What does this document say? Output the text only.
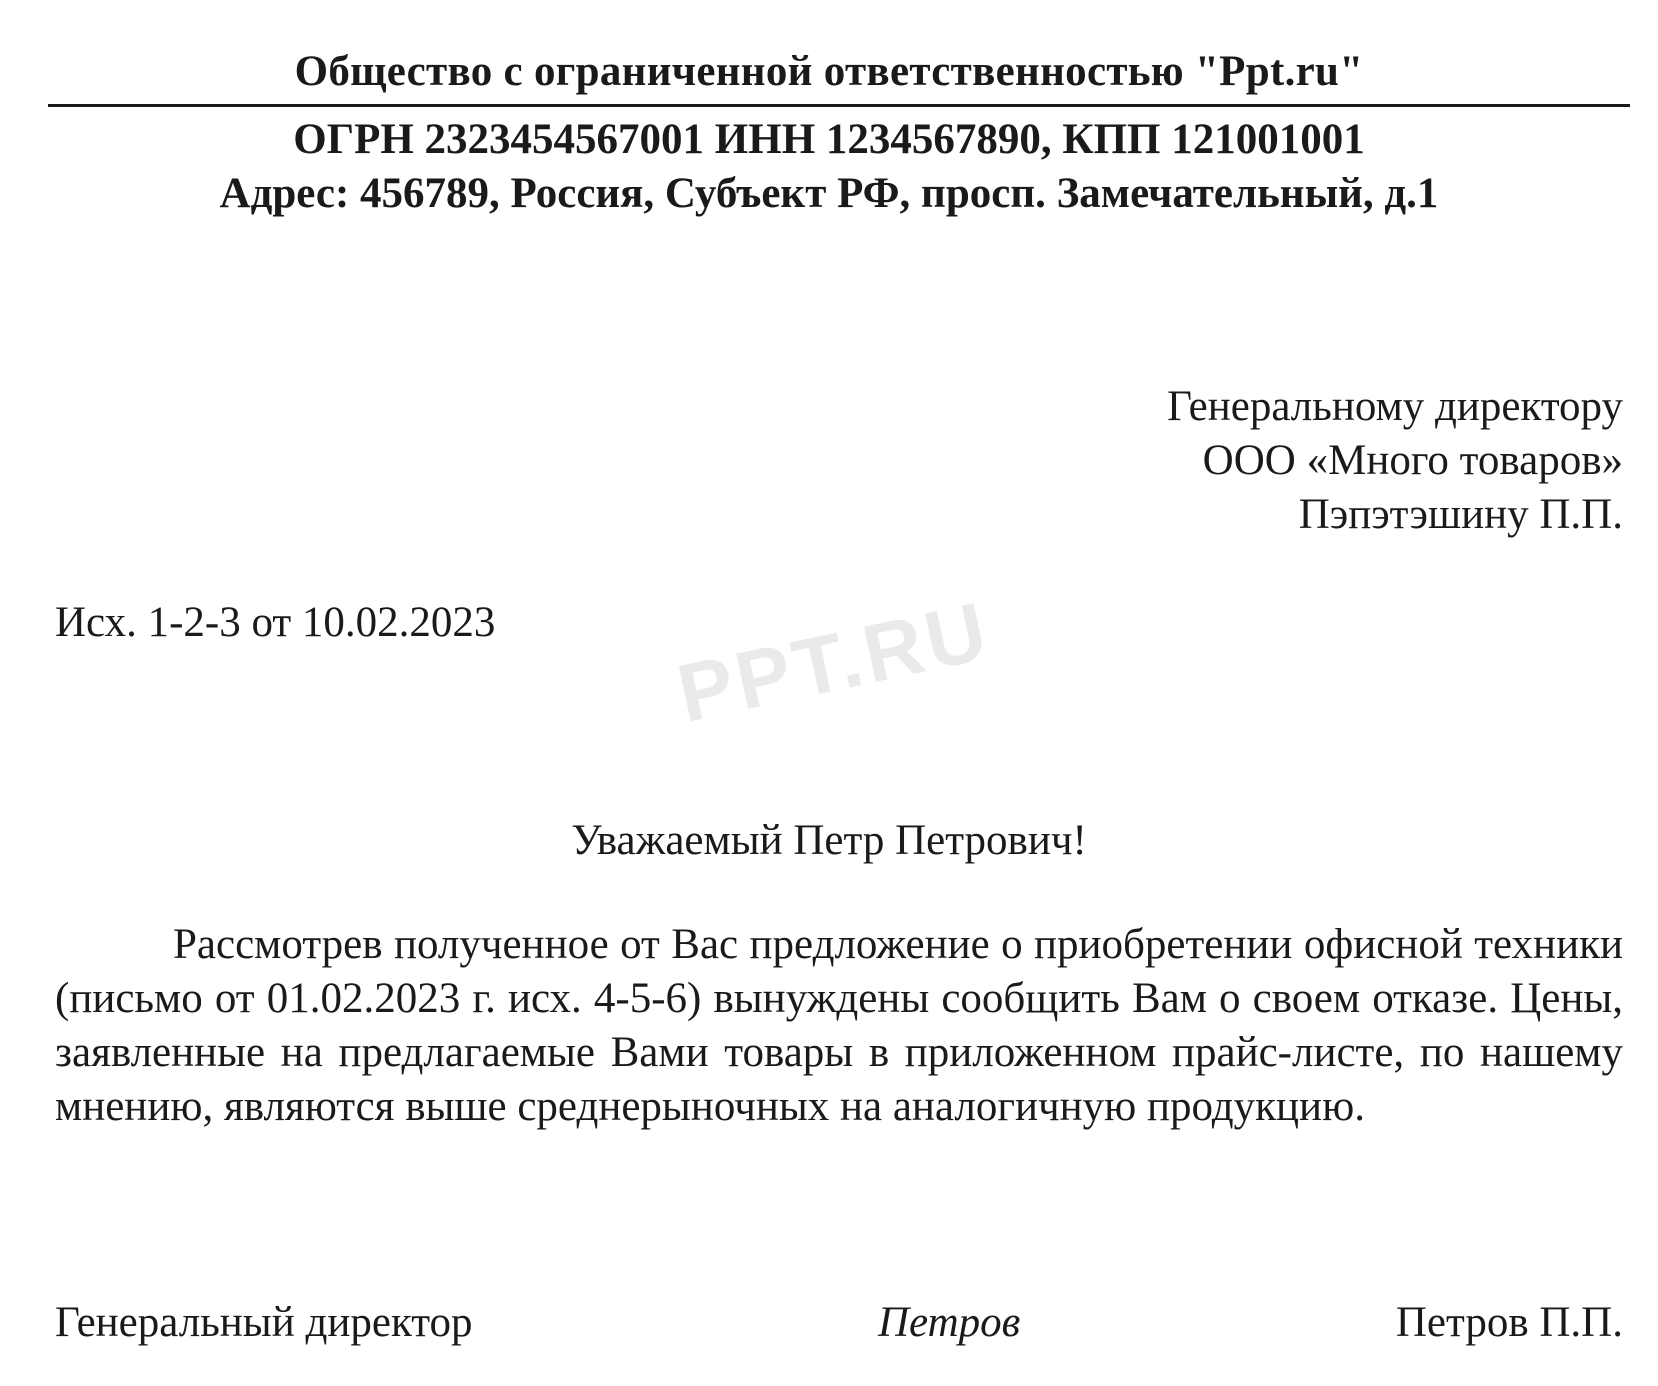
Общество с ограниченной ответственностью "Ppt.ru"
ОГРН 2323454567001 ИНН 1234567890, КПП 121001001
Адрес: 456789, Россия, Субъект РФ, просп. Замечательный, д.1
Генеральному директору
ООО «Много товаров»
Пэпэтэшину П.П.
Исх. 1-2-3 от 10.02.2023 PPT.RU
Уважаемый Петр Петрович!

Рассмотрев полученное от Вас предложение о приобретении офисной техники (письмо от 01.02.2023 г. исх. 4-5-6) вынуждены сообщить Вам о своем отказе. Цены, заявленные на предлагаемые Вами товары в приложенном прайс-листе, по нашему мнению, являются выше среднерыночных на аналогичную продукцию.

Генеральный директор	Петров	Петров П.П.
